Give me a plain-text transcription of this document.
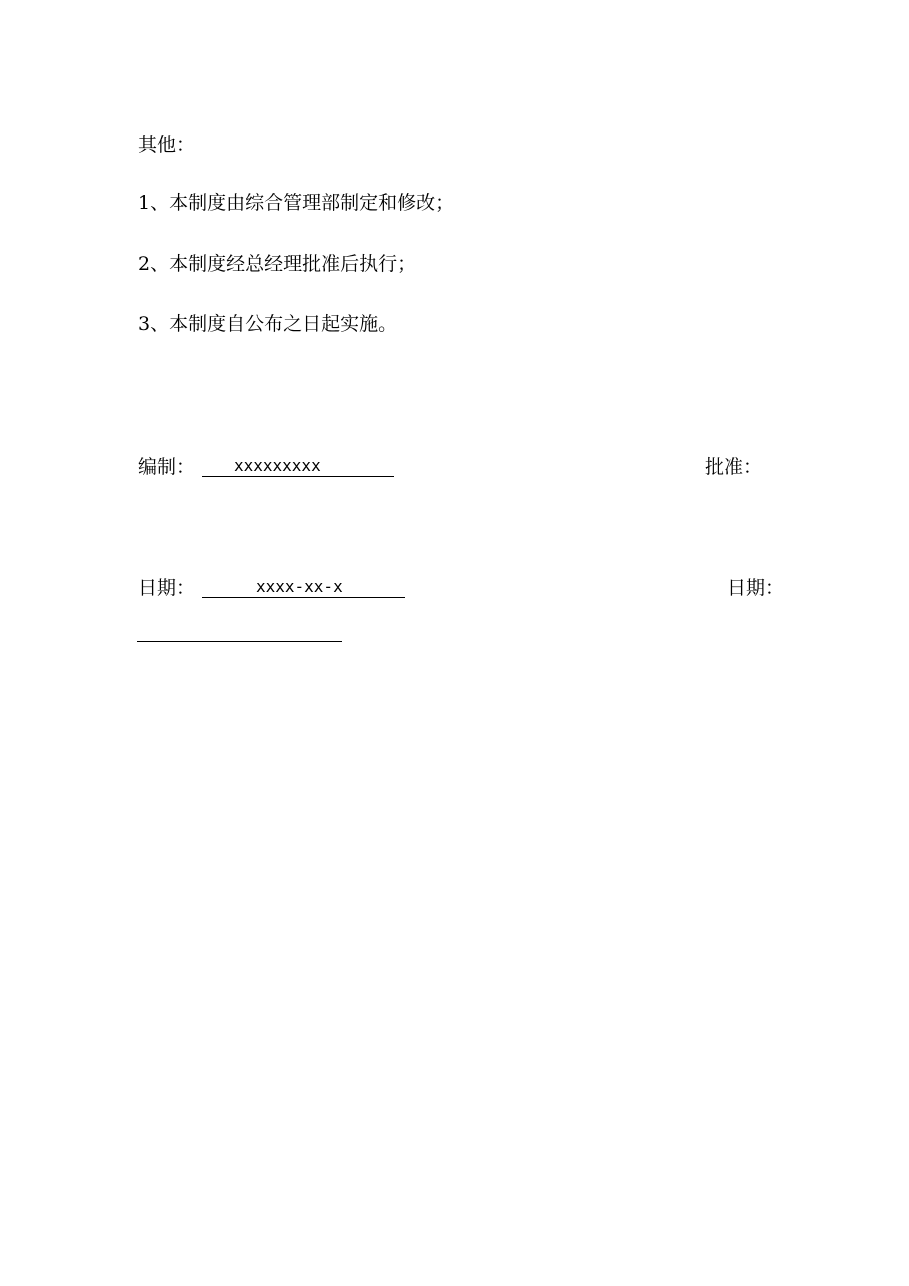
其他：
1、本制度由综合管理部制定和修改；
2、本制度经总经理批准后执行；
3、本制度自公布之日起实施。
编制：	xxxxxxxxx	批准：
日期：	xxxx-xx-x	日期：
